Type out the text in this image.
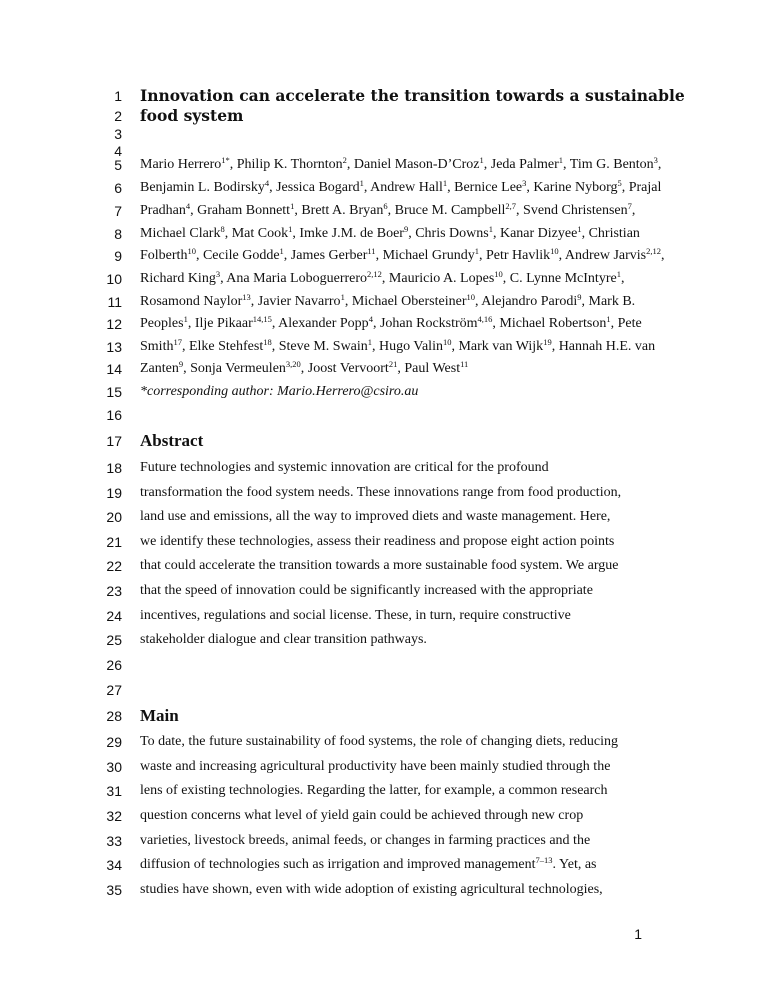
1
2
3
4
5
6
7
8
9
10
11
12
13
14
15
16
17
18
19
20
21
22
23
24
25
26
27
28
29
30
31
32
33
34
35
Innovation can accelerate the transition towards a sustainable
food system
Mario Herrero$^{1*}$, Philip K. Thornton$^2$, Daniel Mason-D’Croz$^1$, Jeda Palmer$^1$, Tim G. Benton$^3$,
Benjamin L. Bodirsky$^4$, Jessica Bogard$^1$, Andrew Hall$^1$, Bernice Lee$^3$, Karine Nyborg$^5$, Prajal
Pradhan$^4$, Graham Bonnett$^1$, Brett A. Bryan$^6$, Bruce M. Campbell$^{2,7}$, Svend Christensen$^7$,
Michael Clark$^8$, Mat Cook$^1$, Imke J.M. de Boer$^9$, Chris Downs$^1$, Kanar Dizyee$^1$, Christian
Folberth$^{10}$, Cecile Godde$^1$, James Gerber$^{11}$, Michael Grundy$^1$, Petr Havlik$^{10}$, Andrew Jarvis$^{2,12}$,
Richard King$^3$, Ana Maria Loboguerrero$^{2,12}$, Mauricio A. Lopes$^{10}$, C. Lynne McIntyre$^1$,
Rosamond Naylor$^{13}$, Javier Navarro$^1$, Michael Obersteiner$^{10}$, Alejandro Parodi$^9$, Mark B.
Peoples$^1$, Ilje Pikaar$^{14,15}$, Alexander Popp$^4$, Johan Rockström$^{4,16}$, Michael Robertson$^1$, Pete
Smith$^{17}$, Elke Stehfest$^{18}$, Steve M. Swain$^1$, Hugo Valin$^{10}$, Mark van Wijk$^{19}$, Hannah H.E. van
Zanten$^9$, Sonja Vermeulen$^{3,20}$, Joost Vervoort$^{21}$, Paul West$^{11}$
*corresponding author: Mario.Herrero@csiro.au
Abstract
Future technologies and systemic innovation are critical for the profound
transformation the food system needs. These innovations range from food production,
land use and emissions, all the way to improved diets and waste management. Here,
we identify these technologies, assess their readiness and propose eight action points
that could accelerate the transition towards a more sustainable food system. We argue
that the speed of innovation could be significantly increased with the appropriate
incentives, regulations and social license. These, in turn, require constructive
stakeholder dialogue and clear transition pathways.
Main
To date, the future sustainability of food systems, the role of changing diets, reducing
waste and increasing agricultural productivity have been mainly studied through the
lens of existing technologies. Regarding the latter, for example, a common research
question concerns what level of yield gain could be achieved through new crop
varieties, livestock breeds, animal feeds, or changes in farming practices and the
diffusion of technologies such as irrigation and improved management$^{7-13}$. Yet, as
studies have shown, even with wide adoption of existing agricultural technologies,
1
